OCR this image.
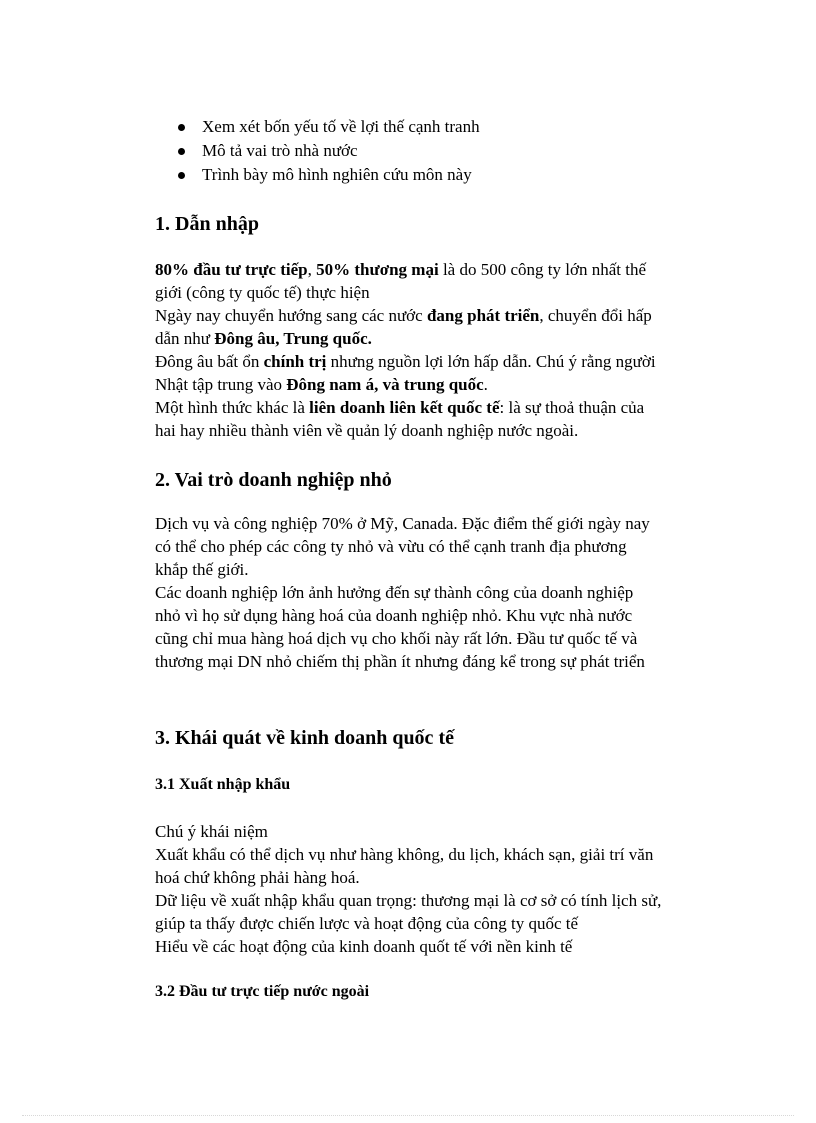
Xem xét bốn yếu tố về lợi thế cạnh tranh
Mô tả vai trò nhà nước
Trình bày mô hình nghiên cứu môn này
1. Dẫn nhập
80% đầu tư trực tiếp, 50% thương mại là do 500 công ty lớn nhất thế
giới (công ty quốc tế) thực hiện
Ngày nay chuyển hướng sang các nước đang phát triển, chuyển đổi hấp
dẫn như Đông âu, Trung quốc.
Đông âu bất ổn chính trị nhưng nguồn lợi lớn hấp dẫn. Chú ý rằng người
Nhật tập trung vào Đông nam á, và trung quốc.
Một hình thức khác là liên doanh liên kết quốc tế: là sự thoả thuận của
hai hay nhiều thành viên về quản lý doanh nghiệp nước ngoài.
2. Vai trò doanh nghiệp nhỏ
Dịch vụ và công nghiệp 70% ở Mỹ, Canada. Đặc điểm thế giới ngày nay
có thể cho phép các công ty nhỏ và vừu có thể cạnh tranh địa phương
khắp thế giới.
Các doanh nghiệp lớn ảnh hưởng đến sự thành công của doanh nghiệp
nhỏ vì họ sử dụng hàng hoá của doanh nghiệp nhỏ. Khu vực nhà nước
cũng chỉ mua hàng hoá dịch vụ cho khối này rất lớn. Đầu tư quốc tế và
thương mại DN nhỏ chiếm thị phần ít nhưng đáng kể trong sự phát triển
3. Khái quát về kinh doanh quốc tế
3.1 Xuất nhập khẩu
Chú ý khái niệm
Xuất khẩu có thể dịch vụ như hàng không, du lịch, khách sạn, giải trí văn
hoá chứ không phải hàng hoá.
Dữ liệu về xuất nhập khẩu quan trọng: thương mại là cơ sở có tính lịch sử,
giúp ta thấy được chiến lược và hoạt động của công ty quốc tế
Hiểu về các hoạt động của kinh doanh quốt tế với nền kinh tế
3.2 Đầu tư trực tiếp nước ngoài
